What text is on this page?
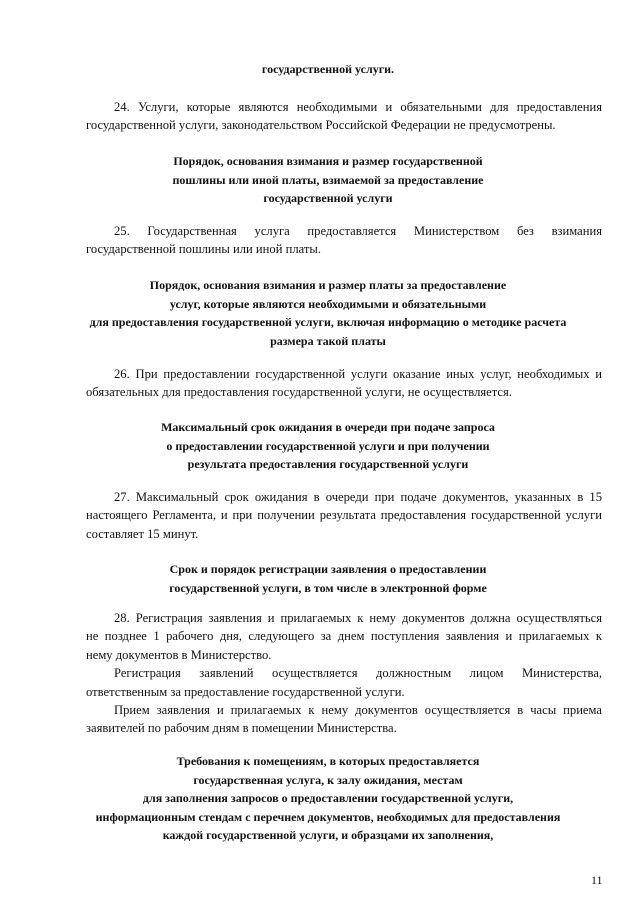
государственной услуги.
24. Услуги, которые являются необходимыми и обязательными для предоставления
государственной услуги, законодательством Российской Федерации не предусмотрены.
Порядок, основания взимания и размер государственной
пошлины или иной платы, взимаемой за предоставление
государственной услуги
25. Государственная услуга предоставляется Министерством без взимания
государственной пошлины или иной платы.
Порядок, основания взимания и размер платы за предоставление
услуг, которые являются необходимыми и обязательными
для предоставления государственной услуги, включая информацию о методике расчета
размера такой платы
26. При предоставлении государственной услуги оказание иных услуг, необходимых и
обязательных для предоставления государственной услуги, не осуществляется.
Максимальный срок ожидания в очереди при подаче запроса
о предоставлении государственной услуги и при получении
результата предоставления государственной услуги
27. Максимальный срок ожидания в очереди при подаче документов, указанных в 15
настоящего Регламента, и при получении результата предоставления государственной услуги
составляет 15 минут.
Срок и порядок регистрации заявления о предоставлении
государственной услуги, в том числе в электронной форме
28. Регистрация заявления и прилагаемых к нему документов должна осуществляться
не позднее 1 рабочего дня, следующего за днем поступления заявления и прилагаемых к
нему документов в Министерство.
Регистрация заявлений осуществляется должностным лицом Министерства,
ответственным за предоставление государственной услуги.
Прием заявления и прилагаемых к нему документов осуществляется в часы приема
заявителей по рабочим дням в помещении Министерства.
Требования к помещениям, в которых предоставляется
государственная услуга, к залу ожидания, местам
для заполнения запросов о предоставлении государственной услуги,
информационным стендам с перечнем документов, необходимых для предоставления
каждой государственной услуги, и образцами их заполнения,
11
